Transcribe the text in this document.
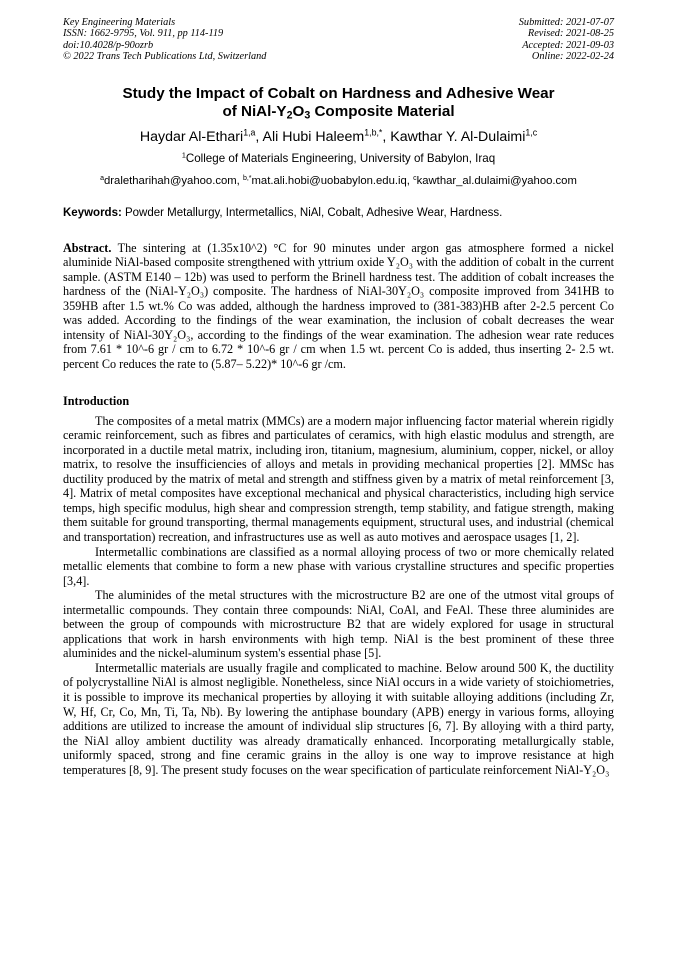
Key Engineering Materials
ISSN: 1662-9795, Vol. 911, pp 114-119
doi:10.4028/p-90ozrb
© 2022 Trans Tech Publications Ltd, Switzerland
Submitted: 2021-07-07
Revised: 2021-08-25
Accepted: 2021-09-03
Online: 2022-02-24
Study the Impact of Cobalt on Hardness and Adhesive Wear
of NiAl-$Y_2O_3$ Composite Material
Haydar Al-Ethari$^{1,a}$, Ali Hubi Haleem$^{1,b,*}$, Kawthar Y. Al-Dulaimi$^{1,c}$
$^1$College of Materials Engineering, University of Babylon, Iraq
$^a$draletharihah@yahoo.com, $^{b,*}$mat.ali.hobi@uobabylon.edu.iq, $^c$kawthar_al.dulaimi@yahoo.com
Keywords: Powder Metallurgy, Intermetallics, NiAl, Cobalt, Adhesive Wear, Hardness.
Abstract. The sintering at (1.35x10^2) °C for 90 minutes under argon gas atmosphere formed a nickel aluminide NiAl-based composite strengthened with yttrium oxide Y₂O₃ with the addition of cobalt in the current sample. (ASTM E140 – 12b) was used to perform the Brinell hardness test. The addition of cobalt increases the hardness of the (NiAl-Y₂O₃) composite. The hardness of NiAl-30Y₂O₃ composite improved from 341HB to 359HB after 1.5 wt.% Co was added, although the hardness improved to (381-383)HB after 2-2.5 percent Co was added. According to the findings of the wear examination, the inclusion of cobalt decreases the wear intensity of NiAl-30Y₂O₃, according to the findings of the wear examination. The adhesion wear rate reduces from 7.61 * 10^-6 gr / cm to 6.72 * 10^-6 gr / cm when 1.5 wt. percent Co is added, thus inserting 2- 2.5 wt. percent Co reduces the rate to (5.87– 5.22)* 10^-6 gr /cm.
Introduction
The composites of a metal matrix (MMCs) are a modern major influencing factor material wherein rigidly ceramic reinforcement, such as fibres and particulates of ceramics, with high elastic modulus and strength, are incorporated in a ductile metal matrix, including iron, titanium, magnesium, aluminium, copper, nickel, or alloy matrix, to resolve the insufficiencies of alloys and metals in providing mechanical properties [2]. MMSc has ductility produced by the matrix of metal and strength and stiffness given by a matrix of metal reinforcement [3, 4]. Matrix of metal composites have exceptional mechanical and physical characteristics, including high service temps, high specific modulus, high shear and compression strength, temp stability, and fatigue strength, making them suitable for ground transporting, thermal managements equipment, structural uses, and industrial (chemical and transportation) recreation, and infrastructures use as well as auto motives and aerospace usages [1, 2].
Intermetallic combinations are classified as a normal alloying process of two or more chemically related metallic elements that combine to form a new phase with various crystalline structures and specific properties [3,4].
The aluminides of the metal structures with the microstructure B2 are one of the utmost vital groups of intermetallic compounds. They contain three compounds: NiAl, CoAl, and FeAl. These three aluminides are between the group of compounds with microstructure B2 that are widely explored for usage in structural applications that work in harsh environments with high temp. NiAl is the best prominent of these three aluminides and the nickel-aluminum system's essential phase [5].
Intermetallic materials are usually fragile and complicated to machine. Below around 500 K, the ductility of polycrystalline NiAl is almost negligible. Nonetheless, since NiAl occurs in a wide variety of stoichiometries, it is possible to improve its mechanical properties by alloying it with suitable alloying additions (including Zr, W, Hf, Cr, Co, Mn, Ti, Ta, Nb). By lowering the antiphase boundary (APB) energy in various forms, alloying additions are utilized to increase the amount of individual slip structures [6, 7]. By alloying with a third party, the NiAl alloy ambient ductility was already dramatically enhanced. Incorporating metallurgically stable, uniformly spaced, strong and fine ceramic grains in the alloy is one way to improve resistance at high temperatures [8, 9]. The present study focuses on the wear specification of particulate reinforcement NiAl-Y₂O₃
